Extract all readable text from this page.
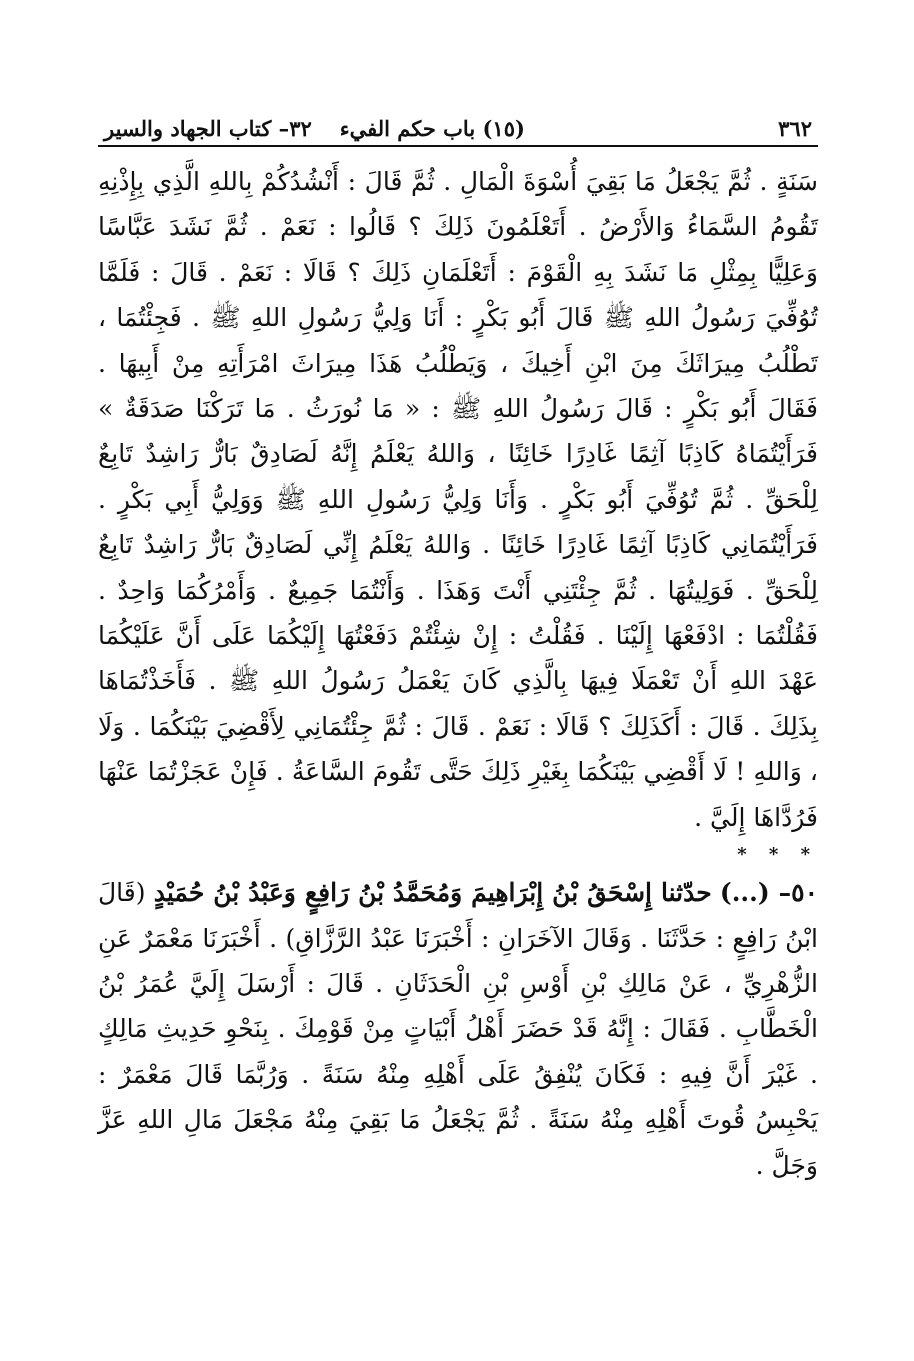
٣٦٢
(١٥) باب حكم الفيء
٣٢– كتاب الجهاد والسير

سَنَةٍ . ثُمَّ يَجْعَلُ مَا بَقِيَ أُسْوَةَ الْمَالِ . ثُمَّ قَالَ : أَنْشُدُكُمْ بِاللهِ الَّذِي بِإِذْنِهِ تَقُومُ السَّمَاءُ وَالأَرْضُ . أَتَعْلَمُونَ ذَلِكَ ؟ قَالُوا : نَعَمْ . ثُمَّ نَشَدَ عَبَّاسًا وَعَلِيًّا بِمِثْلِ مَا نَشَدَ بِهِ الْقَوْمَ : أَتَعْلَمَانِ ذَلِكَ ؟ قَالَا : نَعَمْ . قَالَ : فَلَمَّا تُوُفِّيَ رَسُولُ اللهِ ﷺ قَالَ أَبُو بَكْرٍ : أَنَا وَلِيُّ رَسُولِ اللهِ ﷺ . فَجِئْتُمَا ، تَطْلُبُ مِيرَاثَكَ مِنَ ابْنِ أَخِيكَ ، وَيَطْلُبُ هَذَا مِيرَاثَ امْرَأَتِهِ مِنْ أَبِيهَا . فَقَالَ أَبُو بَكْرٍ : قَالَ رَسُولُ اللهِ ﷺ : « مَا نُورَثُ . مَا تَرَكْنَا صَدَقَةٌ » فَرَأَيْتُمَاهُ كَاذِبًا آثِمًا غَادِرًا خَائِنًا ، وَاللهُ يَعْلَمُ إِنَّهُ لَصَادِقٌ بَارٌّ رَاشِدٌ تَابِعٌ لِلْحَقِّ . ثُمَّ تُوُفِّيَ أَبُو بَكْرٍ . وَأَنَا وَلِيُّ رَسُولِ اللهِ ﷺ وَوَلِيُّ أَبِي بَكْرٍ . فَرَأَيْتُمَانِي كَاذِبًا آثِمًا غَادِرًا خَائِنًا . وَاللهُ يَعْلَمُ إِنِّي لَصَادِقٌ بَارٌّ رَاشِدٌ تَابِعٌ لِلْحَقِّ . فَوَلِيتُهَا . ثُمَّ جِئْتَنِي أَنْتَ وَهَذَا . وَأَنْتُمَا جَمِيعٌ . وَأَمْرُكُمَا وَاحِدٌ . فَقُلْتُمَا : ادْفَعْهَا إِلَيْنَا . فَقُلْتُ : إِنْ شِئْتُمْ دَفَعْتُهَا إِلَيْكُمَا عَلَى أَنَّ عَلَيْكُمَا عَهْدَ اللهِ أَنْ تَعْمَلَا فِيهَا بِالَّذِي كَانَ يَعْمَلُ رَسُولُ اللهِ ﷺ . فَأَخَذْتُمَاهَا بِذَلِكَ . قَالَ : أَكَذَلِكَ ؟ قَالَا : نَعَمْ . قَالَ : ثُمَّ جِئْتُمَانِي لِأَقْضِيَ بَيْنَكُمَا . وَلَا ، وَاللهِ ! لَا أَقْضِي بَيْنَكُمَا بِغَيْرِ ذَلِكَ حَتَّى تَقُومَ السَّاعَةُ . فَإِنْ عَجَزْتُمَا عَنْهَا فَرُدَّاهَا إِلَيَّ .

* * *

٥٠– (...) حدّثنا إِسْحَقُ بْنُ إِبْرَاهِيمَ وَمُحَمَّدُ بْنُ رَافِعٍ وَعَبْدُ بْنُ حُمَيْدٍ (قَالَ ابْنُ رَافِعٍ : حَدَّثَنَا . وَقَالَ الآخَرَانِ : أَخْبَرَنَا عَبْدُ الرَّزَّاقِ) . أَخْبَرَنَا مَعْمَرٌ عَنِ الزُّهْرِيِّ ، عَنْ مَالِكِ بْنِ أَوْسِ بْنِ الْحَدَثَانِ . قَالَ : أَرْسَلَ إِلَيَّ عُمَرُ بْنُ الْخَطَّابِ . فَقَالَ : إِنَّهُ قَدْ حَضَرَ أَهْلُ أَبْيَاتٍ مِنْ قَوْمِكَ . بِنَحْوِ حَدِيثِ مَالِكٍ . غَيْرَ أَنَّ فِيهِ : فَكَانَ يُنْفِقُ عَلَى أَهْلِهِ مِنْهُ سَنَةً . وَرُبَّمَا قَالَ مَعْمَرٌ : يَحْبِسُ قُوتَ أَهْلِهِ مِنْهُ سَنَةً . ثُمَّ يَجْعَلُ مَا بَقِيَ مِنْهُ مَجْعَلَ مَالِ اللهِ عَزَّ وَجَلَّ .
